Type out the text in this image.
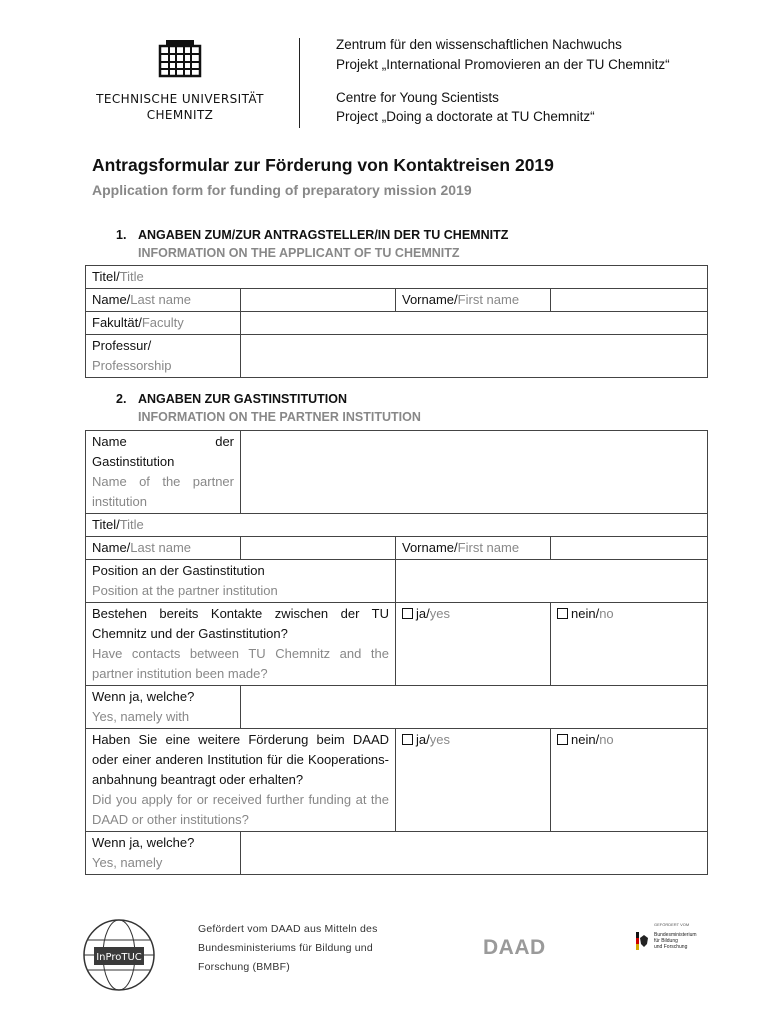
TECHNISCHE UNIVERSITÄT
CHEMNITZ
Zentrum für den wissenschaftlichen Nachwuchs
Projekt „International Promovieren an der TU Chemnitz“
Centre for Young Scientists
Project „Doing a doctorate at TU Chemnitz“
Antragsformular zur Förderung von Kontaktreisen 2019
Application form for funding of preparatory mission 2019
1. ANGABEN ZUM/ZUR ANTRAGSTELLER/IN DER TU CHEMNITZ
INFORMATION ON THE APPLICANT OF TU CHEMNITZ
Titel/Title			
Name/Last name		Vorname/First name	
Fakultät/Faculty			

Professur/
Professorship			

2. ANGABEN ZUR GASTINSTITUTION
INFORMATION ON THE PARTNER INSTITUTION
Name der Gastinstitution
Name of the partner institution			

Titel/Title			
Name/Last name		Vorname/First name	

Position an der Gastinstitution
Position at the partner institution			

Bestehen bereits Kontakte zwischen der TU Chemnitz und der Gastinstitution?
Have contacts between TU Chemnitz and the partner institution been made?		ja/yes	nein/no

Wenn ja, welche?
Yes, namely with			

Haben Sie eine weitere Förderung beim DAAD oder einer anderen Institution für die Kooperations-anbahnung beantragt oder erhalten?
Did you apply for or received further funding at the DAAD or other institutions?		ja/yes	nein/no

Wenn ja, welche?
Yes, namely			

InProTUC
Gefördert vom DAAD aus Mitteln des
Bundesministeriums für Bildung und
Forschung (BMBF)
DAAD
GEFÖRDERT VOM
Bundesministerium
für Bildung
und Forschung
